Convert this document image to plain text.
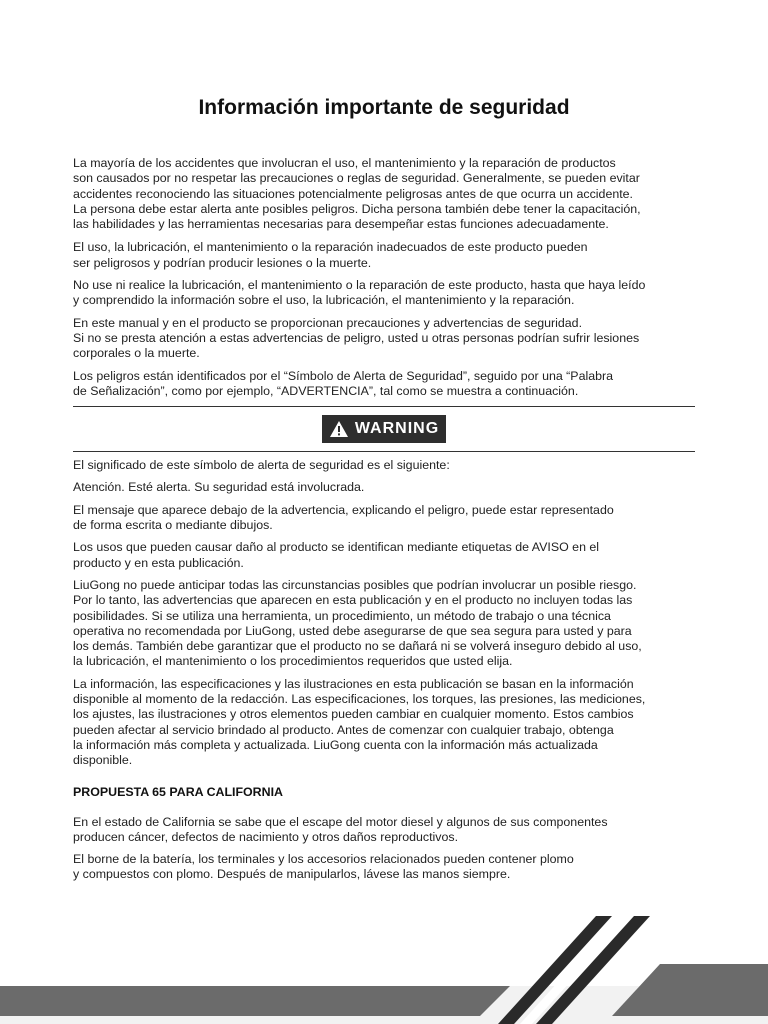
Información importante de seguridad

La mayoría de los accidentes que involucran el uso, el mantenimiento y la reparación de productos
son causados por no respetar las precauciones o reglas de seguridad. Generalmente, se pueden evitar
accidentes reconociendo las situaciones potencialmente peligrosas antes de que ocurra un accidente.
La persona debe estar alerta ante posibles peligros. Dicha persona también debe tener la capacitación,
las habilidades y las herramientas necesarias para desempeñar estas funciones adecuadamente.

El uso, la lubricación, el mantenimiento o la reparación inadecuados de este producto pueden
ser peligrosos y podrían producir lesiones o la muerte.

No use ni realice la lubricación, el mantenimiento o la reparación de este producto, hasta que haya leído
y comprendido la información sobre el uso, la lubricación, el mantenimiento y la reparación.

En este manual y en el producto se proporcionan precauciones y advertencias de seguridad.
Si no se presta atención a estas advertencias de peligro, usted u otras personas podrían sufrir lesiones
corporales o la muerte.

Los peligros están identificados por el “Símbolo de Alerta de Seguridad”, seguido por una “Palabra
de Señalización”, como por ejemplo, “ADVERTENCIA”, tal como se muestra a continuación.

WARNING

El significado de este símbolo de alerta de seguridad es el siguiente:

Atención. Esté alerta. Su seguridad está involucrada.

El mensaje que aparece debajo de la advertencia, explicando el peligro, puede estar representado
de forma escrita o mediante dibujos.

Los usos que pueden causar daño al producto se identifican mediante etiquetas de AVISO en el
producto y en esta publicación.

LiuGong no puede anticipar todas las circunstancias posibles que podrían involucrar un posible riesgo.
Por lo tanto, las advertencias que aparecen en esta publicación y en el producto no incluyen todas las
posibilidades. Si se utiliza una herramienta, un procedimiento, un método de trabajo o una técnica
operativa no recomendada por LiuGong, usted debe asegurarse de que sea segura para usted y para
los demás. También debe garantizar que el producto no se dañará ni se volverá inseguro debido al uso,
la lubricación, el mantenimiento o los procedimientos requeridos que usted elija.

La información, las especificaciones y las ilustraciones en esta publicación se basan en la información
disponible al momento de la redacción. Las especificaciones, los torques, las presiones, las mediciones,
los ajustes, las ilustraciones y otros elementos pueden cambiar en cualquier momento. Estos cambios
pueden afectar al servicio brindado al producto. Antes de comenzar con cualquier trabajo, obtenga
la información más completa y actualizada. LiuGong cuenta con la información más actualizada
disponible.

PROPUESTA 65 PARA CALIFORNIA

En el estado de California se sabe que el escape del motor diesel y algunos de sus componentes
producen cáncer, defectos de nacimiento y otros daños reproductivos.

El borne de la batería, los terminales y los accesorios relacionados pueden contener plomo
y compuestos con plomo. Después de manipularlos, lávese las manos siempre.
